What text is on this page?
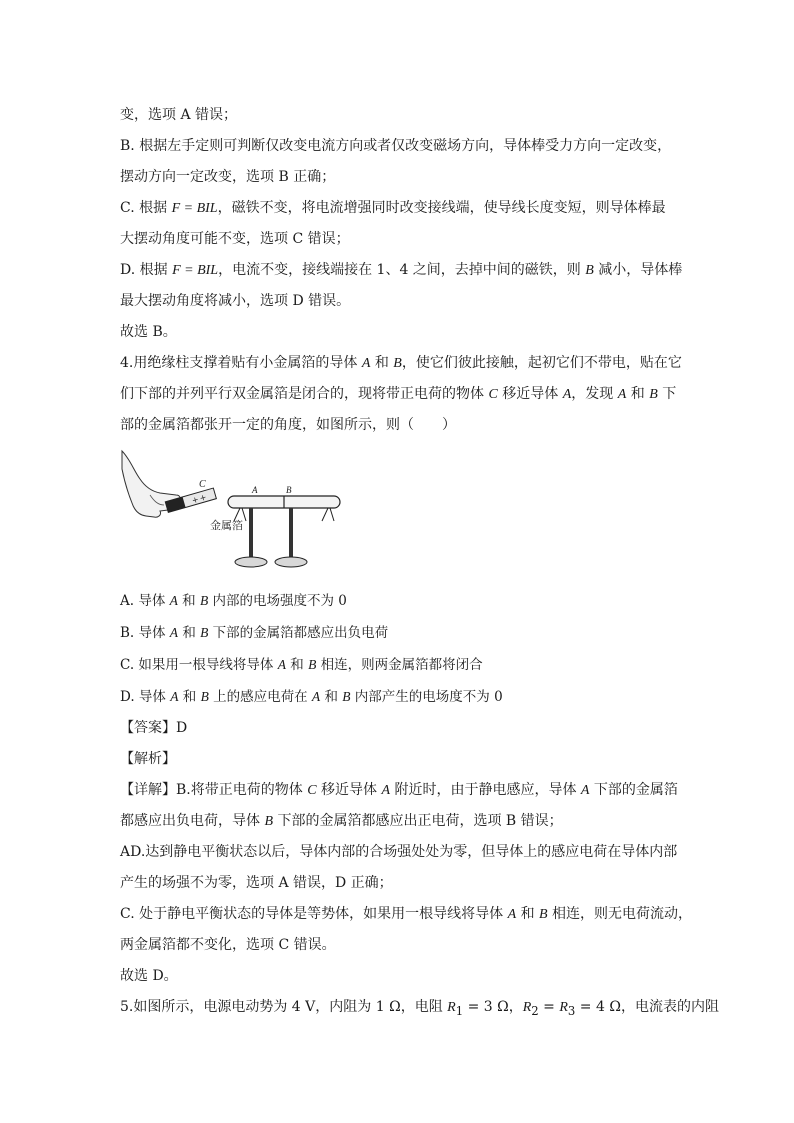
变，选项 A 错误；
B. 根据左手定则可判断仅改变电流方向或者仅改变磁场方向，导体棒受力方向一定改变，
摆动方向一定改变，选项 B 正确；
C. 根据 F = BIL，磁铁不变，将电流增强同时改变接线端，使导线长度变短，则导体棒最
大摆动角度可能不变，选项 C 错误；
D. 根据 F = BIL，电流不变，接线端接在 1、4 之间，去掉中间的磁铁，则 B 减小，导体棒
最大摆动角度将减小，选项 D 错误。
故选 B。
4.用绝缘柱支撑着贴有小金属箔的导体 A 和 B，使它们彼此接触，起初它们不带电，贴在它
们下部的并列平行双金属箔是闭合的，现将带正电荷的物体 C 移近导体 A，发现 A 和 B 下
部的金属箔都张开一定的角度，如图所示，则（　　）
+
+
C	A	B
金属箔
A. 导体 A 和 B 内部的电场强度不为 0
B. 导体 A 和 B 下部的金属箔都感应出负电荷
C. 如果用一根导线将导体 A 和 B 相连，则两金属箔都将闭合
D. 导体 A 和 B 上的感应电荷在 A 和 B 内部产生的电场度不为 0
【答案】D
【解析】
【详解】B.将带正电荷的物体 C 移近导体 A 附近时，由于静电感应，导体 A 下部的金属箔
都感应出负电荷，导体 B 下部的金属箔都感应出正电荷，选项 B 错误；
AD.达到静电平衡状态以后，导体内部的合场强处处为零，但导体上的感应电荷在导体内部
产生的场强不为零，选项 A 错误，D 正确；
C. 处于静电平衡状态的导体是等势体，如果用一根导线将导体 A 和 B 相连，则无电荷流动，
两金属箔都不变化，选项 C 错误。
故选 D。
5.如图所示，电源电动势为 4 V，内阻为 1 Ω，电阻 $R_1 = 3$ Ω，$R_2 = R_3 = 4$ Ω，电流表的内阻
